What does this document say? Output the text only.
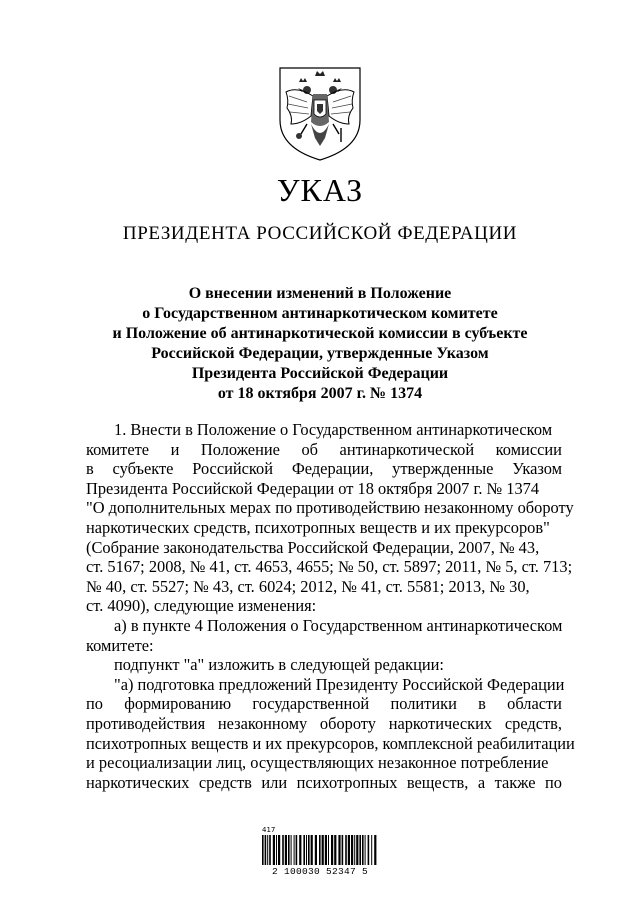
УКАЗ
ПРЕЗИДЕНТА РОССИЙСКОЙ ФЕДЕРАЦИИ
О внесении изменений в Положение
о Государственном антинаркотическом комитете
и Положение об антинаркотической комиссии в субъекте
Российской Федерации, утвержденные Указом
Президента Российской Федерации
от 18 октября 2007 г. № 1374
1. Внести в Положение о Государственном антинаркотическом
комитете и Положение об антинаркотической комиссии
в субъекте Российской Федерации, утвержденные Указом
Президента Российской Федерации от 18 октября 2007 г. № 1374
"О дополнительных мерах по противодействию незаконному обороту
наркотических средств, психотропных веществ и их прекурсоров"
(Собрание законодательства Российской Федерации, 2007, № 43,
ст. 5167; 2008, № 41, ст. 4653, 4655; № 50, ст. 5897; 2011, № 5, ст. 713;
№ 40, ст. 5527; № 43, ст. 6024; 2012, № 41, ст. 5581; 2013, № 30,
ст. 4090), следующие изменения:
а) в пункте 4 Положения о Государственном антинаркотическом
комитете:
подпункт "а" изложить в следующей редакции:
"а) подготовка предложений Президенту Российской Федерации
по формированию государственной политики в области
противодействия незаконному обороту наркотических средств,
психотропных веществ и их прекурсоров, комплексной реабилитации
и ресоциализации лиц, осуществляющих незаконное потребление
наркотических средств или психотропных веществ, а также по
417
2 100030 52347 5
